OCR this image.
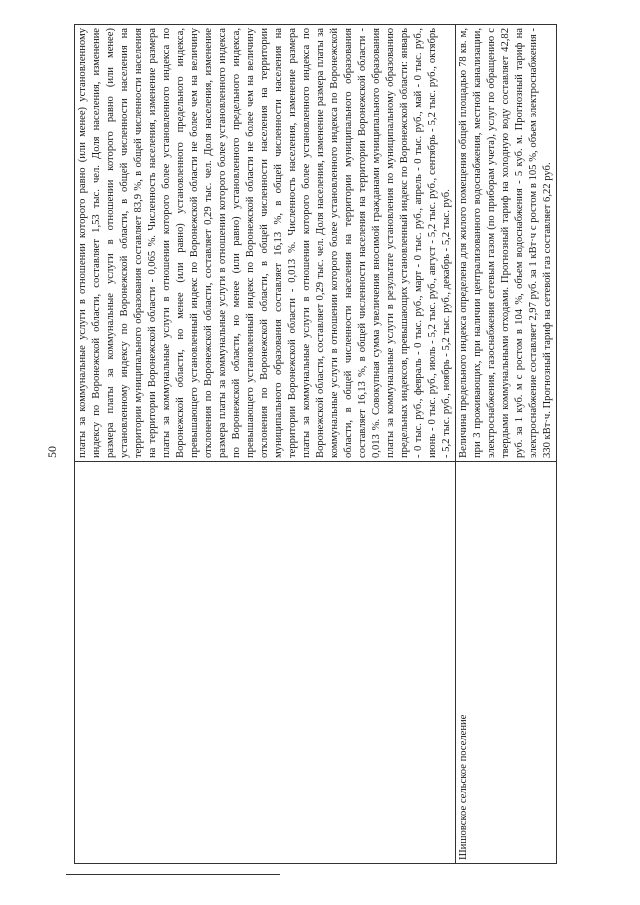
50

	платы за коммунальные услуги в отношении которого равно (или менее) установленному индексу по Воронежской области, составляет 1,53 тыс. чел. Доля населения, изменение размера платы за коммунальные услуги в отношении которого равно (или менее) установленному индексу по Воронежской области, в общей численности населения на территории муниципального образования составляет 83,9 %, в общей численности населения на территории Воронежской области - 0,065 %. Численность населения, изменение размера платы за коммунальные услуги в отношении которого более установленного индекса по Воронежской области, но менее (или равно) установленного предельного индекса, превышающего установленный индекс по Воронежской области не более чем на величину отклонения по Воронежской области, составляет 0,29 тыс. чел. Доля населения, изменение размера платы за коммунальные услуги в отношении которого более установленного индекса по Воронежской области, но менее (или равно) установленного предельного индекса, превышающего установленный индекс по Воронежской области не более чем на величину отклонения по Воронежской области, в общей численности населения на территории муниципального образования составляет 16,13 %, в общей численности населения на территории Воронежской области - 0,013 %. Численность населения, изменение размера платы за коммунальные услуги в отношении которого более установленного индекса по Воронежской области, составляет 0,29 тыс. чел. Доля населения, изменение размера платы за коммунальные услуги в отношении которого более установленного индекса по Воронежской области, в общей численности населения на территории муниципального образования составляет 16,13 %, в общей численности населения на территории Воронежской области - 0,013 %. Совокупная сумма увеличения вносимой гражданами муниципального образования платы за коммунальные услуги в результате установления по муниципальному образованию предельных индексов, превышающих установленный индекс по Воронежской области: январь - 0 тыс. руб., февраль - 0 тыс. руб., март - 0 тыс. руб., апрель - 0 тыс. руб., май - 0 тыс. руб., июнь - 0 тыс. руб., июль - 5,2 тыс. руб., август - 5,2 тыс. руб., сентябрь - 5,2 тыс. руб., октябрь - 5,2 тыс. руб., ноябрь - 5,2 тыс. руб., декабрь - 5,2 тыс. руб.

Шишовское сельское поселение	Величина предельного индекса определена для жилого помещения общей площадью 78 кв. м, при 3 проживающих, при наличии централизованного водоснабжения, местной канализации, электроснабжения, газоснабжения сетевым газом (по приборам учета), услуг по обращению с твердыми коммунальными отходами. Прогнозный тариф на холодную воду составляет 42,82 руб. за 1 куб. м с ростом в 104 %, объем водоснабжения - 5 куб. м. Прогнозный тариф на электроснабжение составляет 2,97 руб. за 1 кВт·ч с ростом в 105 %, объем электроснабжения - 330 кВт·ч. Прогнозный тариф на сетевой газ составляет 6,22 руб.
